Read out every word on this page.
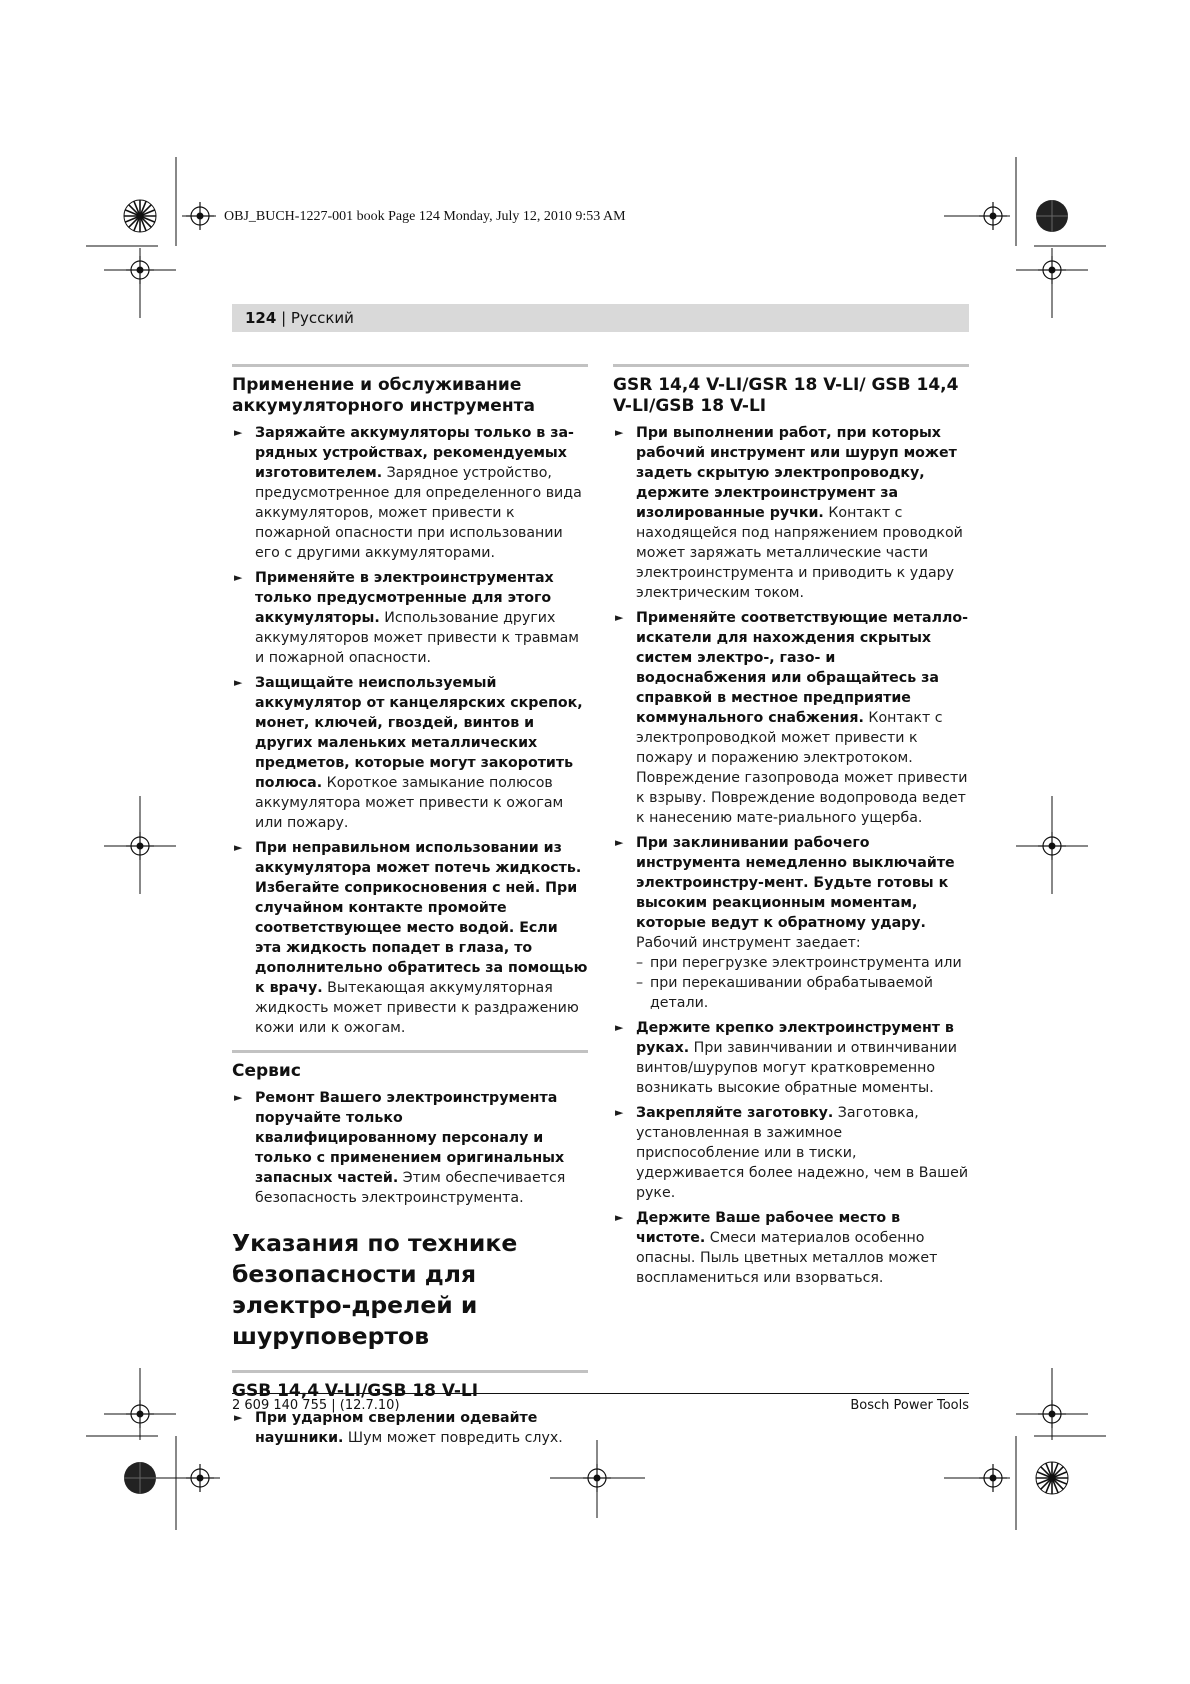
OBJ_BUCH-1227-001 book Page 124 Monday, July 12, 2010 9:53 AM
124 | Русский
Применение и обслуживание аккумуляторного инструмента
► Заряжайте аккумуляторы только в за-рядных устройствах, рекомендуемых изготовителем. Зарядное устройство, предусмотренное для определенного вида аккумуляторов, может привести к пожарной опасности при использовании его с другими аккумуляторами.
► Применяйте в электроинструментах только предусмотренные для этого аккумуляторы. Использование других аккумуляторов может привести к травмам и пожарной опасности.
► Защищайте неиспользуемый аккумулятор от канцелярских скрепок, монет, ключей, гвоздей, винтов и других маленьких металлических предметов, которые могут закоротить полюса. Короткое замыкание полюсов аккумулятора может привести к ожогам или пожару.
► При неправильном использовании из аккумулятора может потечь жидкость. Избегайте соприкосновения с ней. При случайном контакте промойте соответствующее место водой. Если эта жидкость попадет в глаза, то дополнительно обратитесь за помощью к врачу. Вытекающая аккумуляторная жидкость может привести к раздражению кожи или к ожогам.
Сервис
► Ремонт Вашего электроинструмента поручайте только квалифицированному персоналу и только с применением оригинальных запасных частей. Этим обеспечивается безопасность электроинструмента.
Указания по технике безопасности для электро-дрелей и шуруповертов
GSB 14,4 V-LI/GSB 18 V-LI
► При ударном сверлении одевайте наушники. Шум может повредить слух.
GSR 14,4 V-LI/GSR 18 V-LI/ GSB 14,4 V-LI/GSB 18 V-LI
► При выполнении работ, при которых рабочий инструмент или шуруп может задеть скрытую электропроводку, держите электроинструмент за изолированные ручки. Контакт с находящейся под напряжением проводкой может заряжать металлические части электроинструмента и приводить к удару электрическим током.
► Применяйте соответствующие металло-искатели для нахождения скрытых систем электро-, газо- и водоснабжения или обращайтесь за справкой в местное предприятие коммунального снабжения. Контакт с электропроводкой может привести к пожару и поражению электротоком. Повреждение газопровода может привести к взрыву. Повреждение водопровода ведет к нанесению мате-риального ущерба.
► При заклинивании рабочего инструмента немедленно выключайте электроинстру-мент. Будьте готовы к высоким реакционным моментам, которые ведут к обратному удару. Рабочий инструмент заедает:
– при перегрузке электроинструмента или
– при перекашивании обрабатываемой детали.
► Держите крепко электроинструмент в руках. При завинчивании и отвинчивании винтов/шурупов могут кратковременно возникать высокие обратные моменты.
► Закрепляйте заготовку. Заготовка, установленная в зажимное приспособление или в тиски, удерживается более надежно, чем в Вашей руке.
► Держите Ваше рабочее место в чистоте. Смеси материалов особенно опасны. Пыль цветных металлов может воспламениться или взорваться.
2 609 140 755 | (12.7.10)	Bosch Power Tools
